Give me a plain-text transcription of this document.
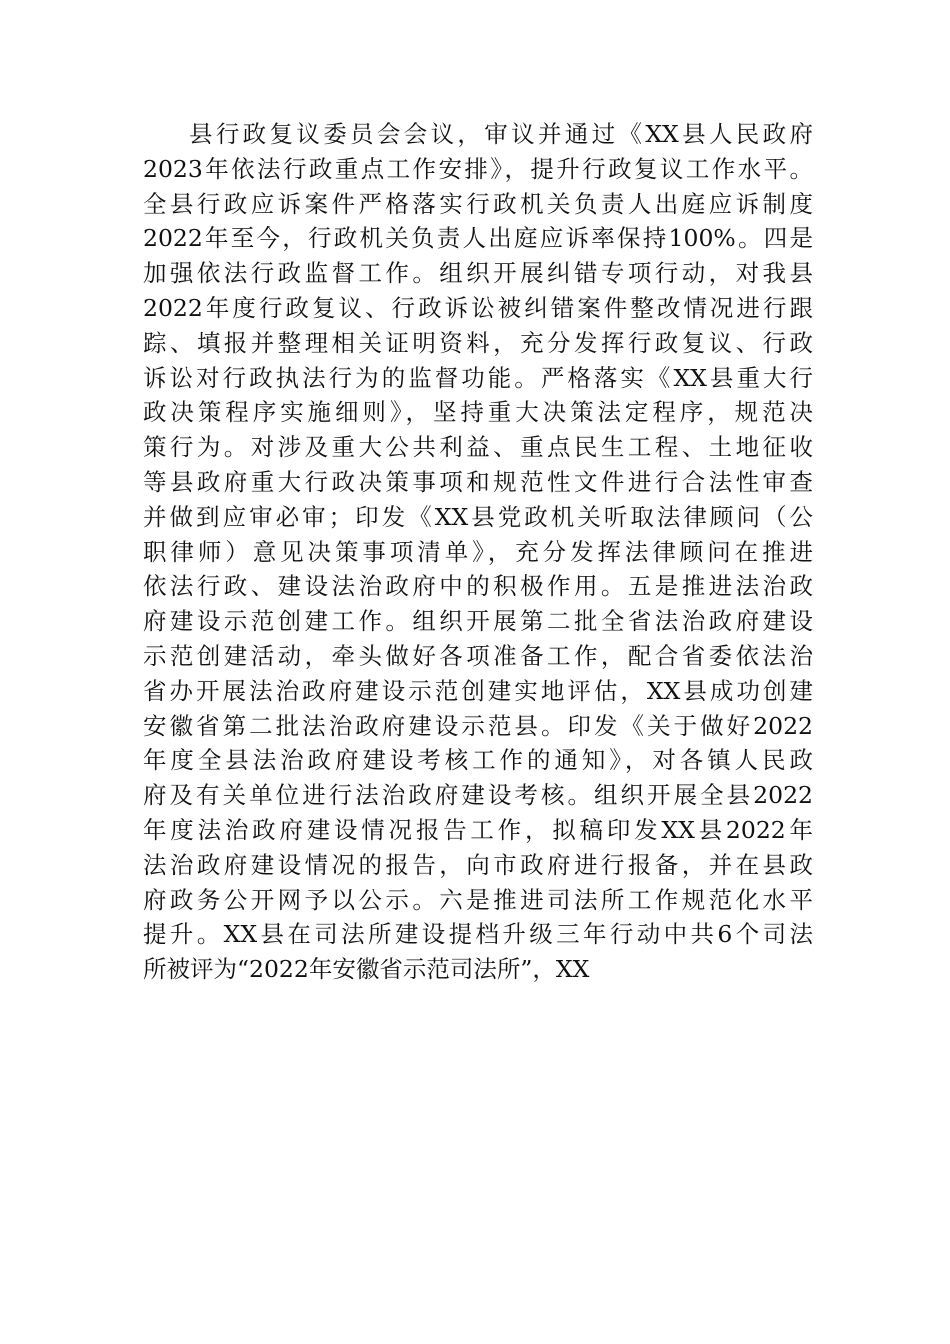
县行政复议委员会会议，审议并通过《XX县人民政府
2023年依法行政重点工作安排》，提升行政复议工作水平。
全县行政应诉案件严格落实行政机关负责人出庭应诉制度
2022年至今，行政机关负责人出庭应诉率保持100%。四是
加强依法行政监督工作。组织开展纠错专项行动，对我县
2022年度行政复议、行政诉讼被纠错案件整改情况进行跟
踪、填报并整理相关证明资料，充分发挥行政复议、行政
诉讼对行政执法行为的监督功能。严格落实《XX县重大行
政决策程序实施细则》，坚持重大决策法定程序，规范决
策行为。对涉及重大公共利益、重点民生工程、土地征收
等县政府重大行政决策事项和规范性文件进行合法性审查
并做到应审必审；印发《XX县党政机关听取法律顾问（公
职律师）意见决策事项清单》，充分发挥法律顾问在推进
依法行政、建设法治政府中的积极作用。五是推进法治政
府建设示范创建工作。组织开展第二批全省法治政府建设
示范创建活动，牵头做好各项准备工作，配合省委依法治
省办开展法治政府建设示范创建实地评估，XX县成功创建
安徽省第二批法治政府建设示范县。印发《关于做好2022
年度全县法治政府建设考核工作的通知》，对各镇人民政
府及有关单位进行法治政府建设考核。组织开展全县2022
年度法治政府建设情况报告工作，拟稿印发XX县2022年
法治政府建设情况的报告，向市政府进行报备，并在县政
府政务公开网予以公示。六是推进司法所工作规范化水平
提升。XX县在司法所建设提档升级三年行动中共6个司法
所被评为“2022年安徽省示范司法所”，XX
